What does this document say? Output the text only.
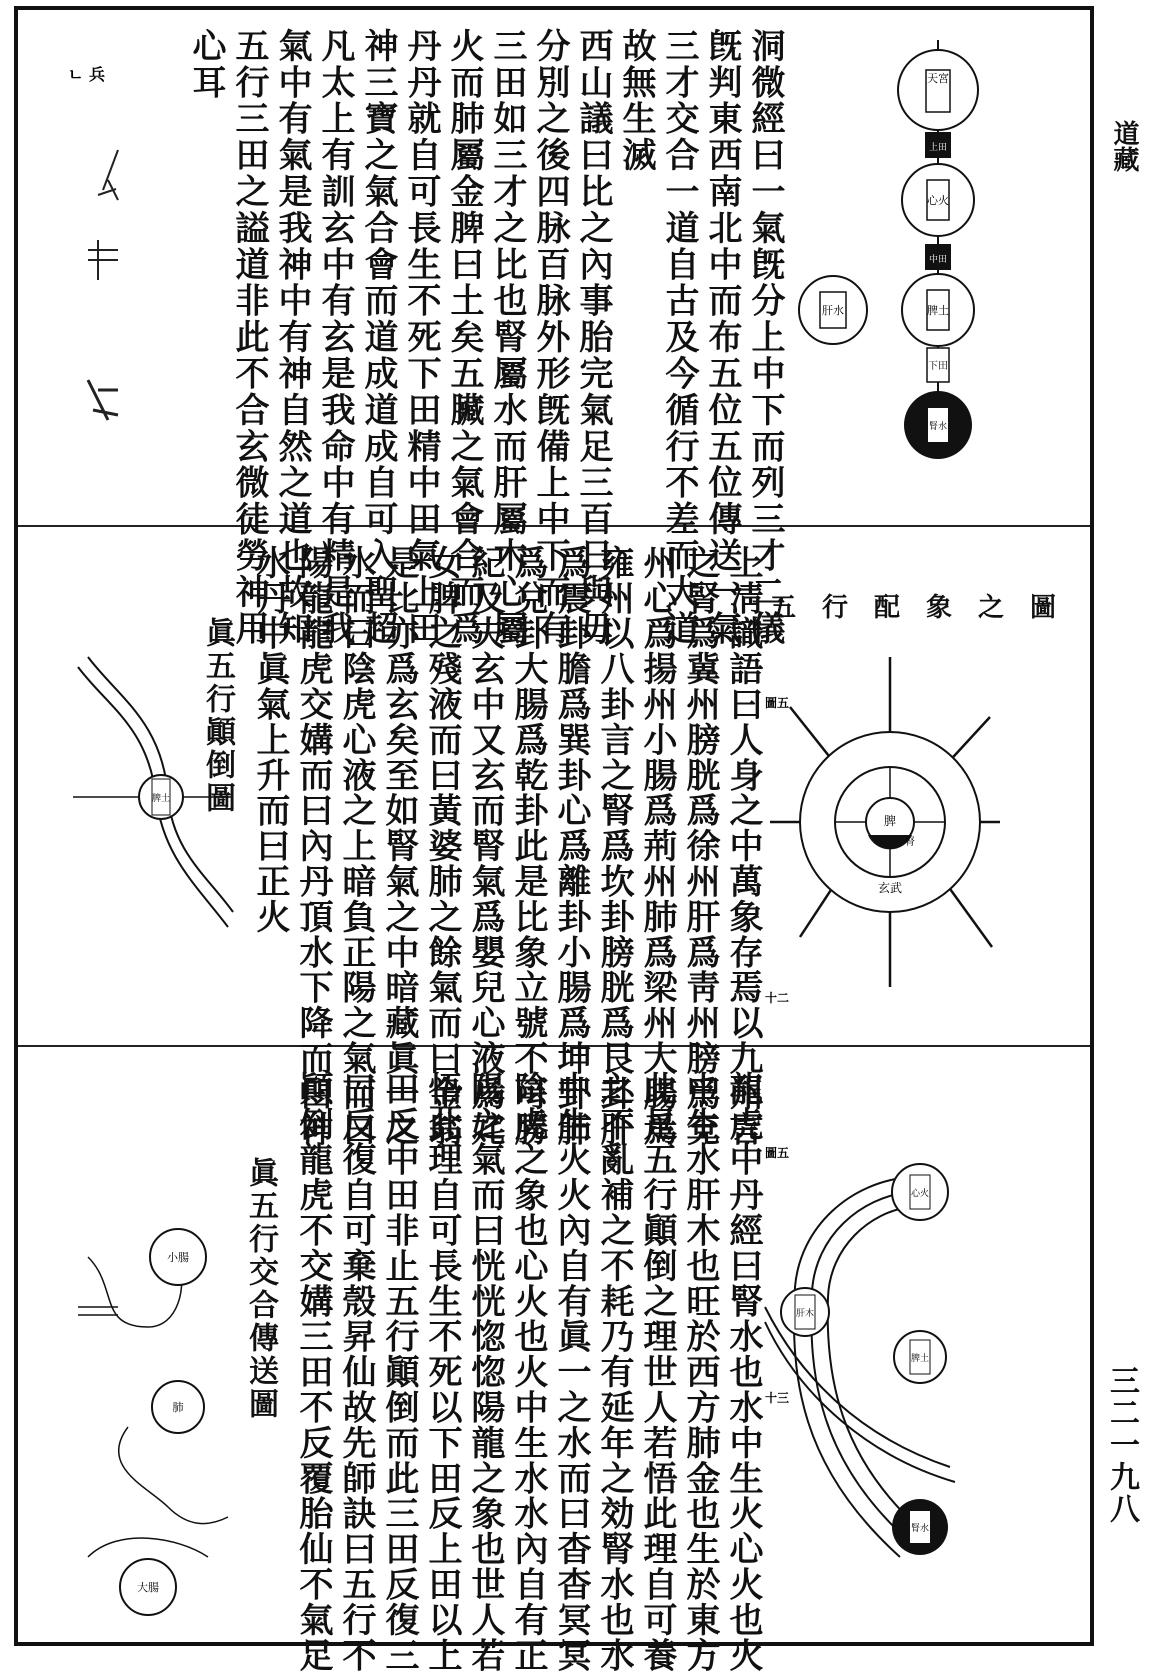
道藏
三二一九八
洞微經曰一氣旣分上中下而列三才二儀
旣判東西南北中而布五位五位傳送一氣
三才交合一道自古及今循行不差而大道
故無生滅
西山議曰比之內事胎完氣足三百日與毋
分別之後四脉百脉外形旣備上中下而有
三田如三才之比也腎屬水而肝屬木心屬
火而肺屬金脾曰土矣五臟之氣會合而爲
丹丹就自可長生不死下田精中田氣上田
神三寶之氣合會而道成道成自可入聖超
凡太上有訓玄中有玄是我命中有精是我
氣中有氣是我神中有神自然之道也故知
五行三田之謚道非此不合玄微徒勞神用
心耳	天宮
上田
心火
中田
脾土
下田
腎水
肝水
ㄴ 兵
上淸識語曰人身之中萬象存焉以九州言
之腎爲冀州膀胱爲徐州肝爲靑州膀爲兗
州心爲揚州小腸爲荊州肺爲梁州大腸爲
雍州以八卦言之腎爲坎卦膀胱爲艮卦肝
爲震卦膽爲巽卦心爲離卦小腸爲坤卦肺
爲兌卦大腸爲乾卦此是比象立號不可勝
紀及夫玄中又玄而腎氣爲嬰兒心液爲姹
女脾之殘液而曰黃婆肺之餘氣而曰金翁
是比亦爲玄矣至如腎氣之中暗藏眞一之
水而曰陰虎心液之上暗負正陽之氣而曰
陽龍龍虎交媾而曰內丹頂水下降而曰神
水丹中眞氣上升而曰正火
眞五行顚倒圖
五行配象之圖
脾
腎
玄武
圖五
十二
脾土
龍虎中丹經曰腎水也水中生火心火也火
中生水肝木也旺於西方肺金也生於東方
此是五行顚倒之理世人若悟此理自可養
之不亂補之不耗乃有延年之効腎水也水
中生火火內自有眞一之水而曰杳杳冥冥
陰虎之象也心火也火中生水水內自有正
陽之氣而曰恍恍惚惚陽龍之象也世人若
悟此理自可長生不死以下田反上田以上
田反中田非止五行顚倒而此三田反復三
曰反復自可棄殼昇仙故先師訣曰五行不
顚倒龍虎不交媾三田不反覆胎仙不氣足
眞五行交合傳送圖	心火
肝木
脾土
腎水
圖五
十三
小腸
肺
大腸
